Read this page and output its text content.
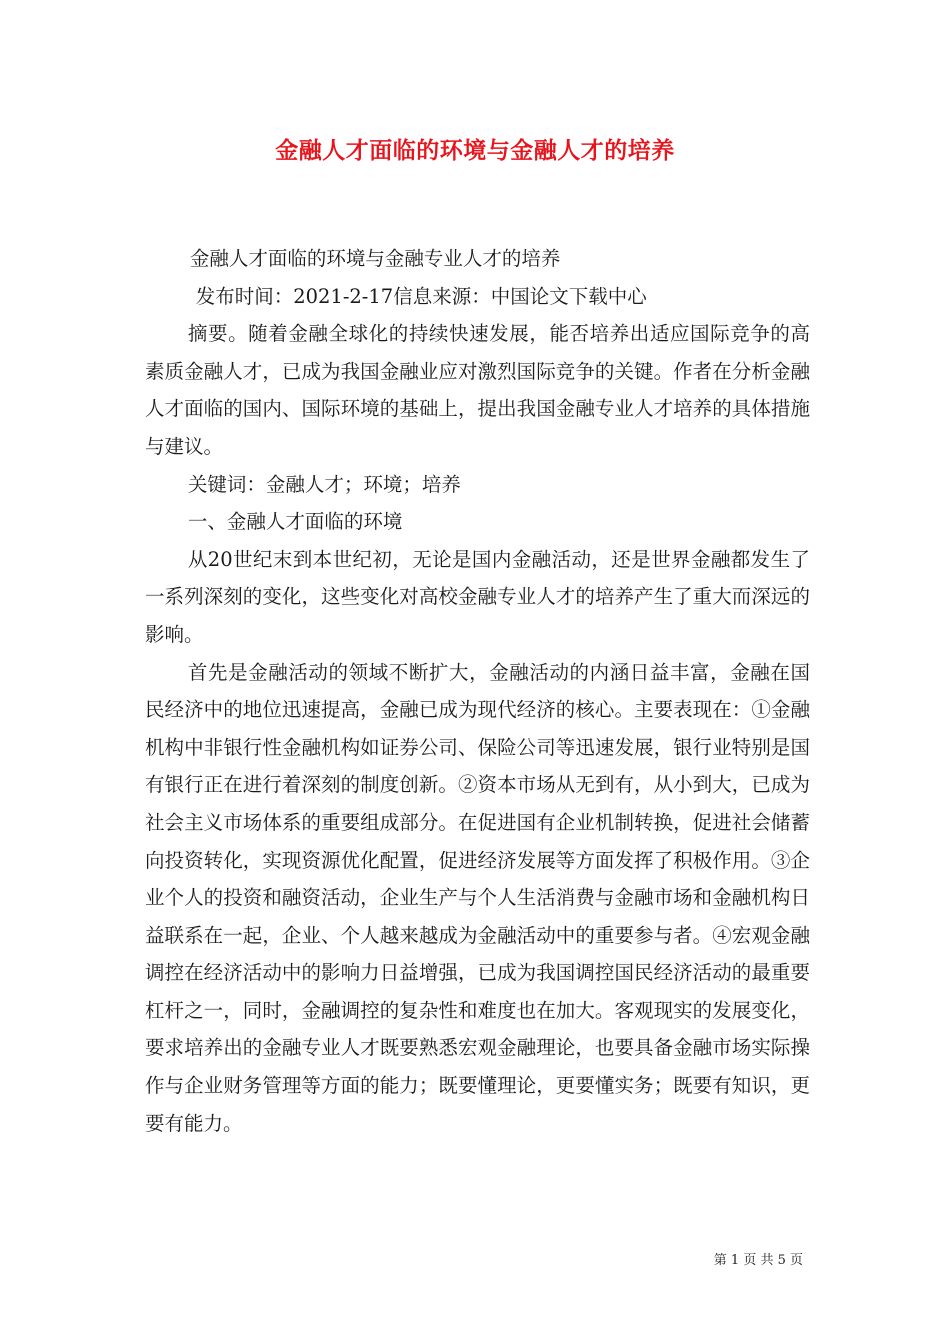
金融人才面临的环境与金融人才的培养

金融人才面临的环境与金融专业人才的培养

发布时间：2021-2-17信息来源：中国论文下载中心

摘要。随着金融全球化的持续快速发展，能否培养出适应国际竞争的高素质金融人才，已成为我国金融业应对激烈国际竞争的关键。作者在分析金融人才面临的国内、国际环境的基础上，提出我国金融专业人才培养的具体措施与建议。

关键词：金融人才；环境；培养

一、金融人才面临的环境

从20世纪末到本世纪初，无论是国内金融活动，还是世界金融都发生了一系列深刻的变化，这些变化对高校金融专业人才的培养产生了重大而深远的影响。

首先是金融活动的领域不断扩大，金融活动的内涵日益丰富，金融在国民经济中的地位迅速提高，金融已成为现代经济的核心。主要表现在：①金融机构中非银行性金融机构如证券公司、保险公司等迅速发展，银行业特别是国有银行正在进行着深刻的制度创新。②资本市场从无到有，从小到大，已成为社会主义市场体系的重要组成部分。在促进国有企业机制转换，促进社会储蓄向投资转化，实现资源优化配置，促进经济发展等方面发挥了积极作用。③企业个人的投资和融资活动，企业生产与个人生活消费与金融市场和金融机构日益联系在一起，企业、个人越来越成为金融活动中的重要参与者。④宏观金融调控在经济活动中的影响力日益增强，已成为我国调控国民经济活动的最重要杠杆之一，同时，金融调控的复杂性和难度也在加大。客观现实的发展变化，要求培养出的金融专业人才既要熟悉宏观金融理论，也要具备金融市场实际操作与企业财务管理等方面的能力；既要懂理论，更要懂实务；既要有知识，更要有能力。

第 1 页 共 5 页
